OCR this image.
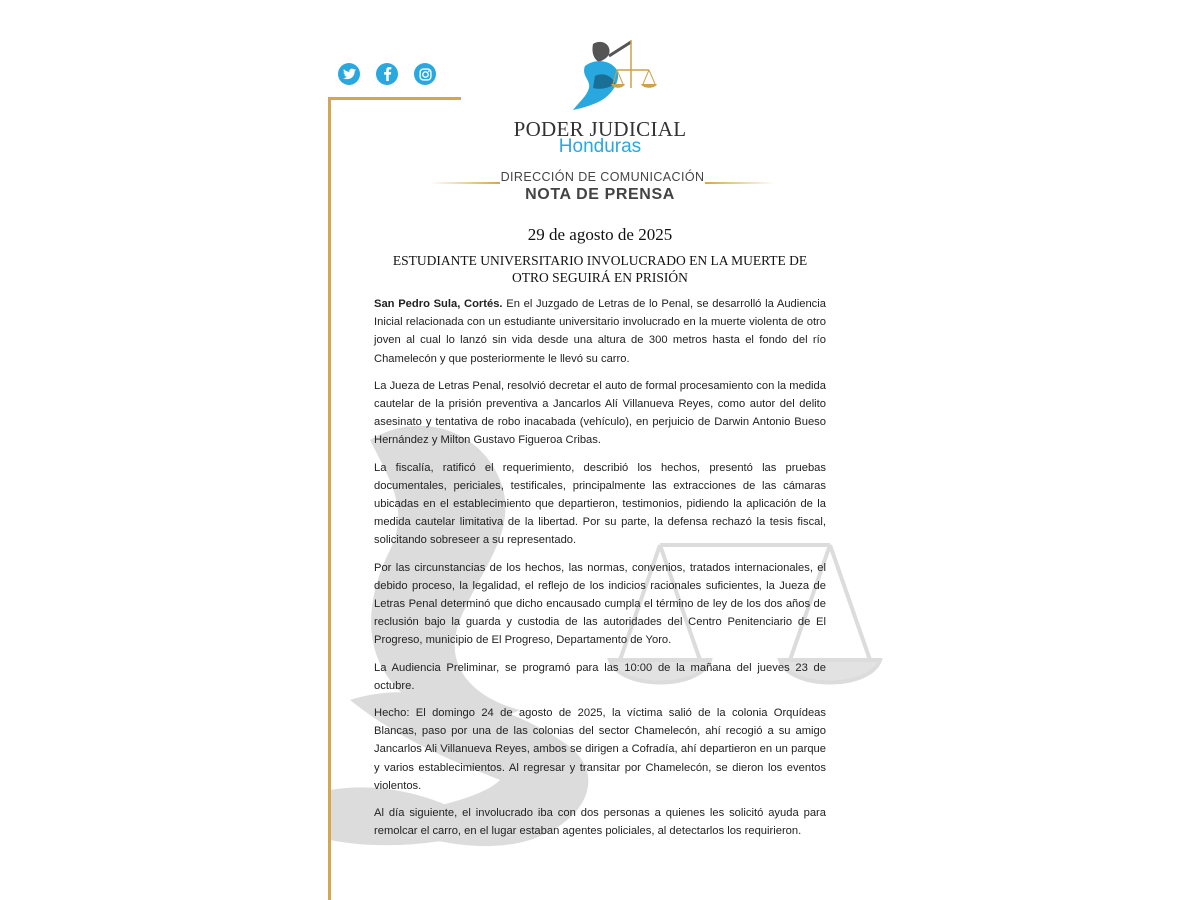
PODER JUDICIAL
Honduras
DIRECCIÓN DE COMUNICACIÓN
NOTA DE PRENSA
29 de agosto de 2025
ESTUDIANTE UNIVERSITARIO INVOLUCRADO EN LA MUERTE DE
OTRO SEGUIRÁ EN PRISIÓN

San Pedro Sula, Cortés. En el Juzgado de Letras de lo Penal, se desarrolló la Audiencia Inicial relacionada con un estudiante universitario involucrado en la muerte violenta de otro joven al cual lo lanzó sin vida desde una altura de 300 metros hasta el fondo del río Chamelecón y que posteriormente le llevó su carro.

La Jueza de Letras Penal, resolvió decretar el auto de formal procesamiento con la medida cautelar de la prisión preventiva a Jancarlos Alí Villanueva Reyes, como autor del delito asesinato y tentativa de robo inacabada (vehículo), en perjuicio de Darwin Antonio Bueso Hernández y Milton Gustavo Figueroa Cribas.

La fiscalía, ratificó el requerimiento, describió los hechos, presentó las pruebas documentales, periciales, testificales, principalmente las extracciones de las cámaras ubicadas en el establecimiento que departieron, testimonios, pidiendo la aplicación de la medida cautelar limitativa de la libertad. Por su parte, la defensa rechazó la tesis fiscal, solicitando sobreseer a su representado.

Por las circunstancias de los hechos, las normas, convenios, tratados internacionales, el debido proceso, la legalidad, el reflejo de los indicios racionales suficientes, la Jueza de Letras Penal determinó que dicho encausado cumpla el término de ley de los dos años de reclusión bajo la guarda y custodia de las autoridades del Centro Penitenciario de El Progreso, municipio de El Progreso, Departamento de Yoro.

La Audiencia Preliminar, se programó para las 10:00 de la mañana del jueves 23 de octubre.

Hecho: El domingo 24 de agosto de 2025, la víctima salió de la colonia Orquídeas Blancas, paso por una de las colonias del sector Chamelecón, ahí recogió a su amigo Jancarlos Ali Villanueva Reyes, ambos se dirigen a Cofradía, ahí departieron en un parque y varios establecimientos. Al regresar y transitar por Chamelecón, se dieron los eventos violentos.

Al día siguiente, el involucrado iba con dos personas a quienes les solicitó ayuda para remolcar el carro, en el lugar estaban agentes policiales, al detectarlos los requirieron.
